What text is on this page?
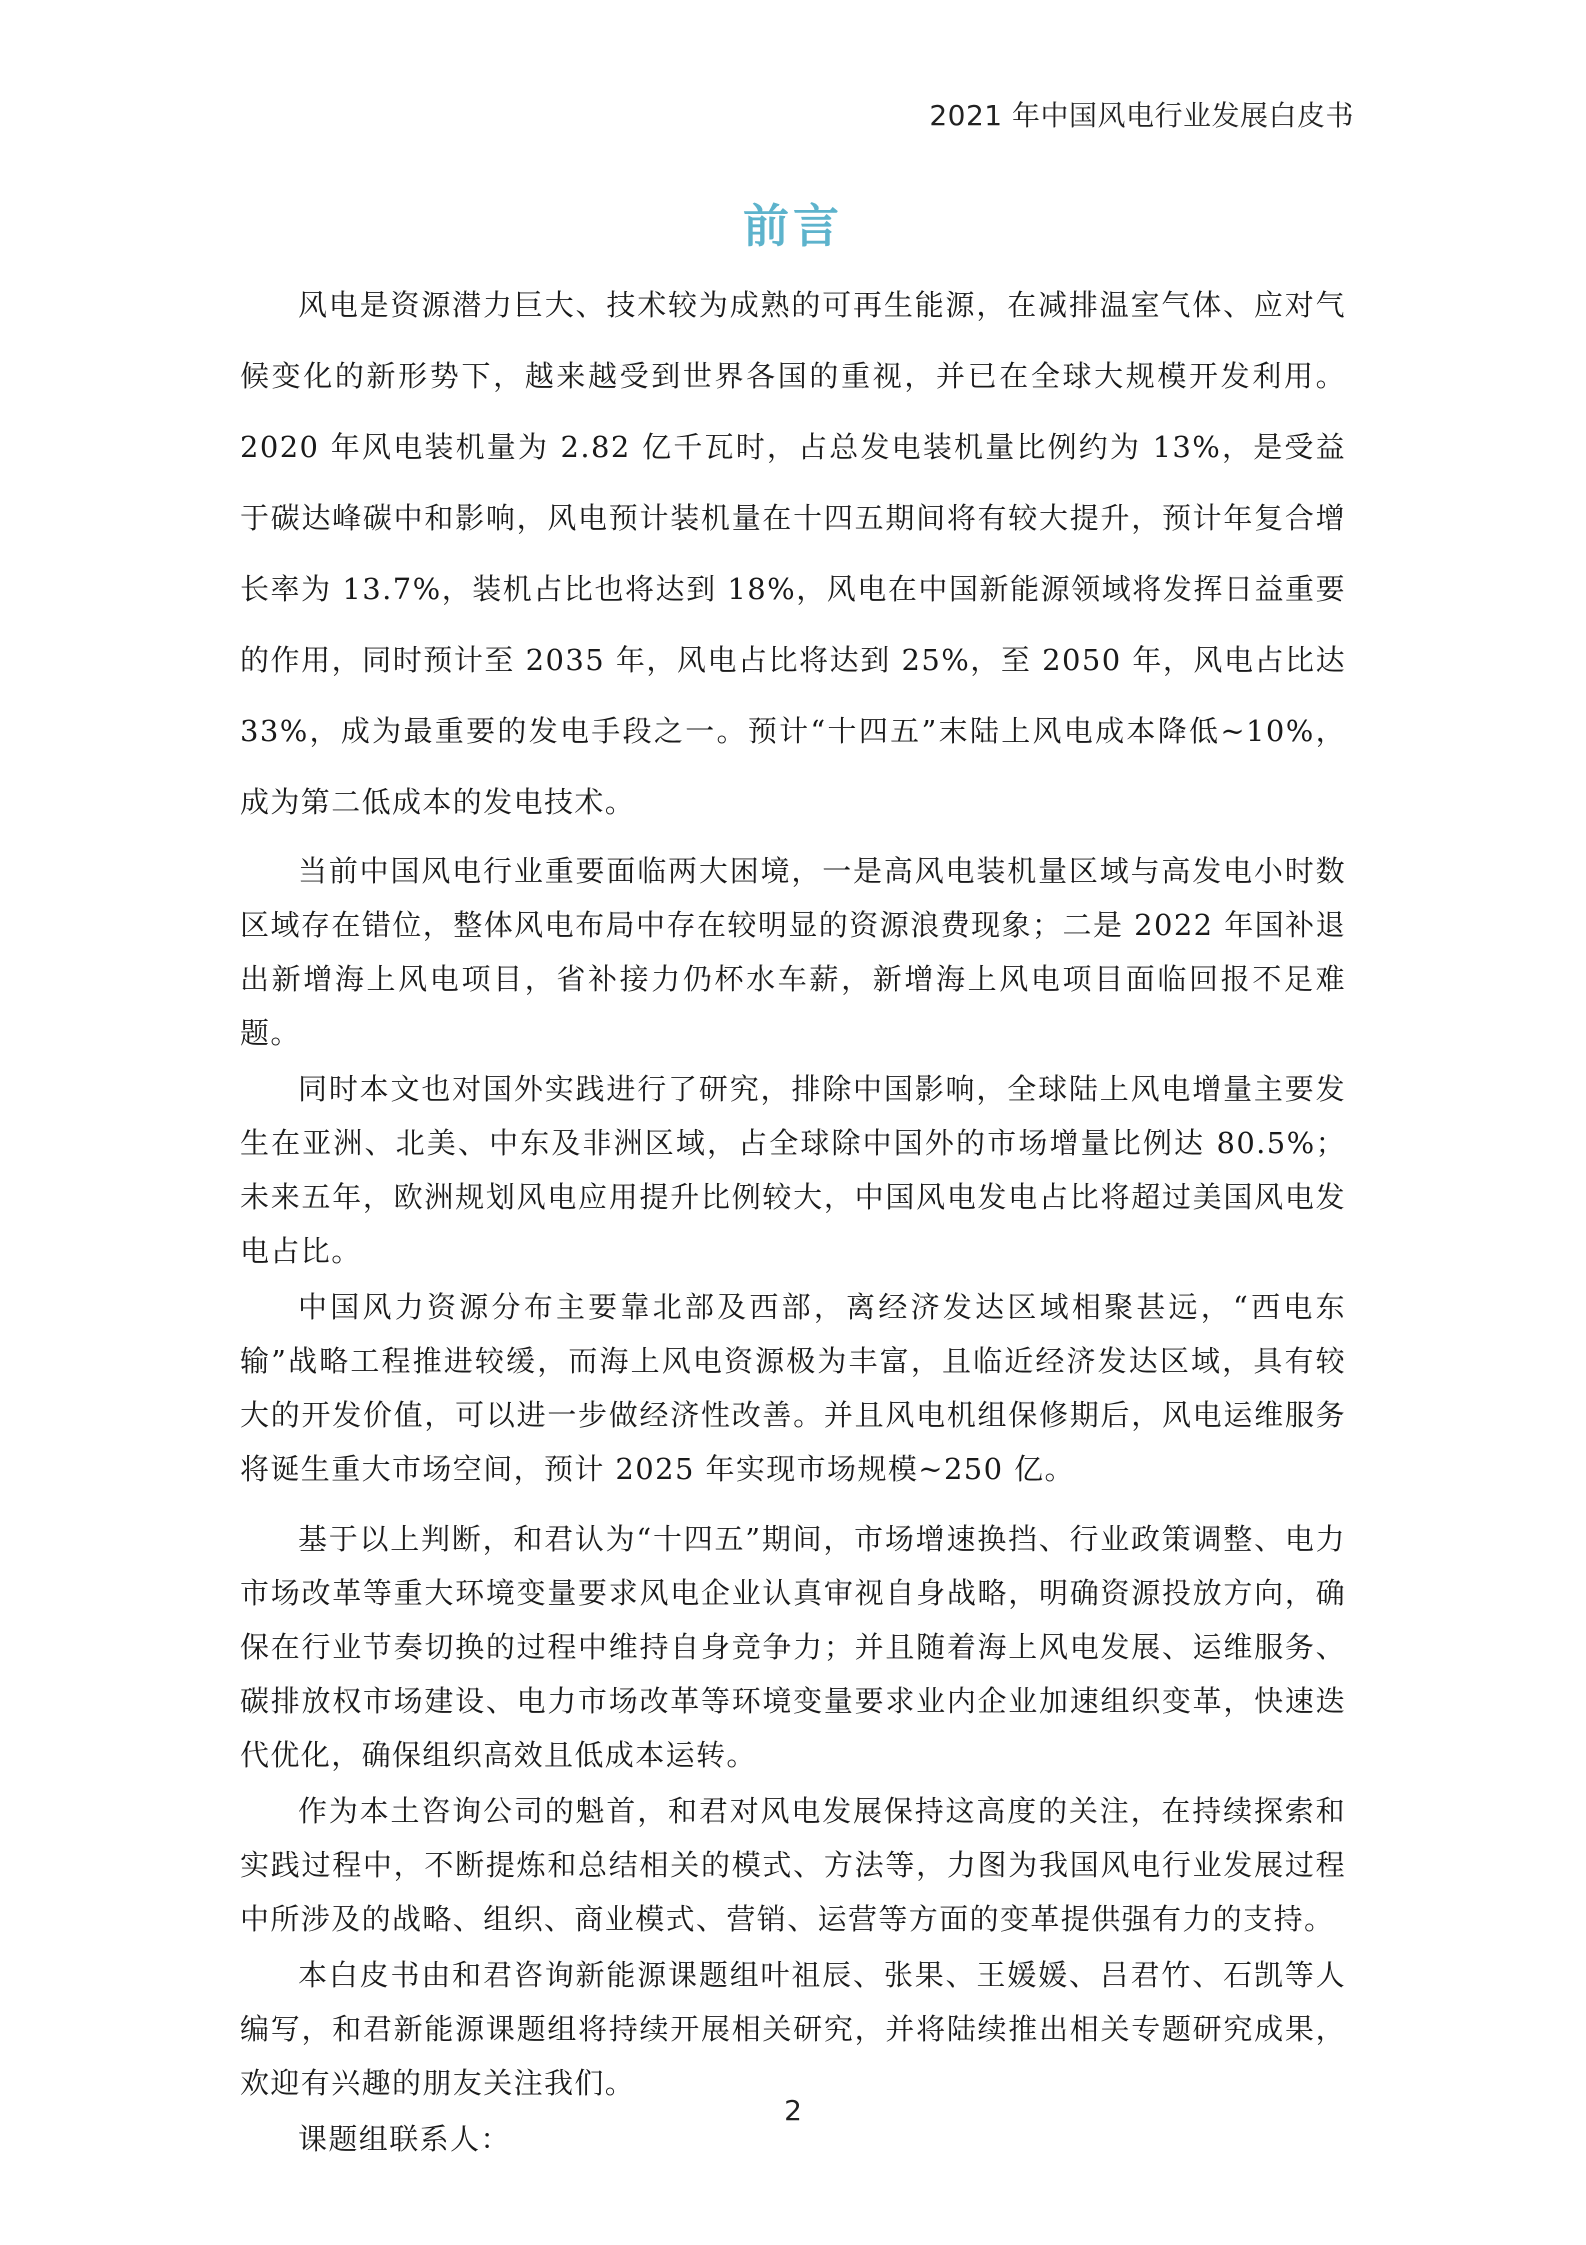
2021 年中国风电行业发展白皮书
前言

风电是资源潜力巨大、技术较为成熟的可再生能源，在减排温室气体、应对气候变化的新形势下，越来越受到世界各国的重视，并已在全球大规模开发利用。2020 年风电装机量为 2.82 亿千瓦时，占总发电装机量比例约为 13%，是受益于碳达峰碳中和影响，风电预计装机量在十四五期间将有较大提升，预计年复合增长率为 13.7%，装机占比也将达到 18%，风电在中国新能源领域将发挥日益重要的作用，同时预计至 2035 年，风电占比将达到 25%，至 2050 年，风电占比达 33%，成为最重要的发电手段之一。预计“十四五”末陆上风电成本降低~10%，成为第二低成本的发电技术。

当前中国风电行业重要面临两大困境，一是高风电装机量区域与高发电小时数区域存在错位，整体风电布局中存在较明显的资源浪费现象；二是 2022 年国补退出新增海上风电项目，省补接力仍杯水车薪，新增海上风电项目面临回报不足难题。

同时本文也对国外实践进行了研究，排除中国影响，全球陆上风电增量主要发生在亚洲、北美、中东及非洲区域，占全球除中国外的市场增量比例达 80.5%；未来五年，欧洲规划风电应用提升比例较大，中国风电发电占比将超过美国风电发电占比。

中国风力资源分布主要靠北部及西部，离经济发达区域相聚甚远，“西电东输”战略工程推进较缓，而海上风电资源极为丰富，且临近经济发达区域，具有较大的开发价值，可以进一步做经济性改善。并且风电机组保修期后，风电运维服务将诞生重大市场空间，预计 2025 年实现市场规模~250 亿。

基于以上判断，和君认为“十四五”期间，市场增速换挡、行业政策调整、电力市场改革等重大环境变量要求风电企业认真审视自身战略，明确资源投放方向，确保在行业节奏切换的过程中维持自身竞争力；并且随着海上风电发展、运维服务、碳排放权市场建设、电力市场改革等环境变量要求业内企业加速组织变革，快速迭代优化，确保组织高效且低成本运转。

作为本土咨询公司的魁首，和君对风电发展保持这高度的关注，在持续探索和实践过程中，不断提炼和总结相关的模式、方法等，力图为我国风电行业发展过程中所涉及的战略、组织、商业模式、营销、运营等方面的变革提供强有力的支持。

本白皮书由和君咨询新能源课题组叶祖辰、张果、王媛媛、吕君竹、石凯等人编写，和君新能源课题组将持续开展相关研究，并将陆续推出相关专题研究成果，欢迎有兴趣的朋友关注我们。

课题组联系人：

2
